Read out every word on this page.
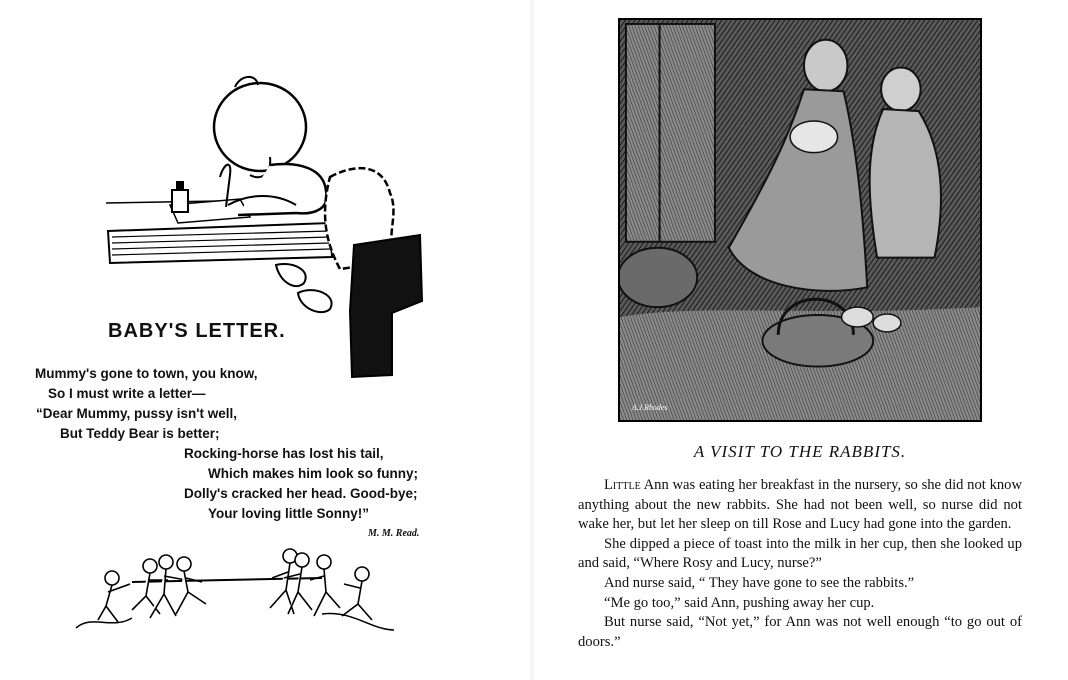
BABY'S LETTER.
Mummy's gone to town, you know,
So I must write a letter—
“Dear Mummy, pussy isn't well,
But Teddy Bear is better;
Rocking-horse has lost his tail,
Which makes him look so funny;
Dolly's cracked her head. Good-bye;
Your loving little Sonny!”
M. M. Read.
A.J.Rhodes
A VISIT TO THE RABBITS.

Little Ann was eating her breakfast in the nursery, so she did not know anything about the new rabbits. She had not been well, so nurse did not wake her, but let her sleep on till Rose and Lucy had gone into the garden.

She dipped a piece of toast into the milk in her cup, then she looked up and said, “Where Rosy and Lucy, nurse?”

And nurse said, “ They have gone to see the rabbits.”

“Me go too,” said Ann, pushing away her cup.

But nurse said, “Not yet,” for Ann was not well enough “to go out of doors.”
